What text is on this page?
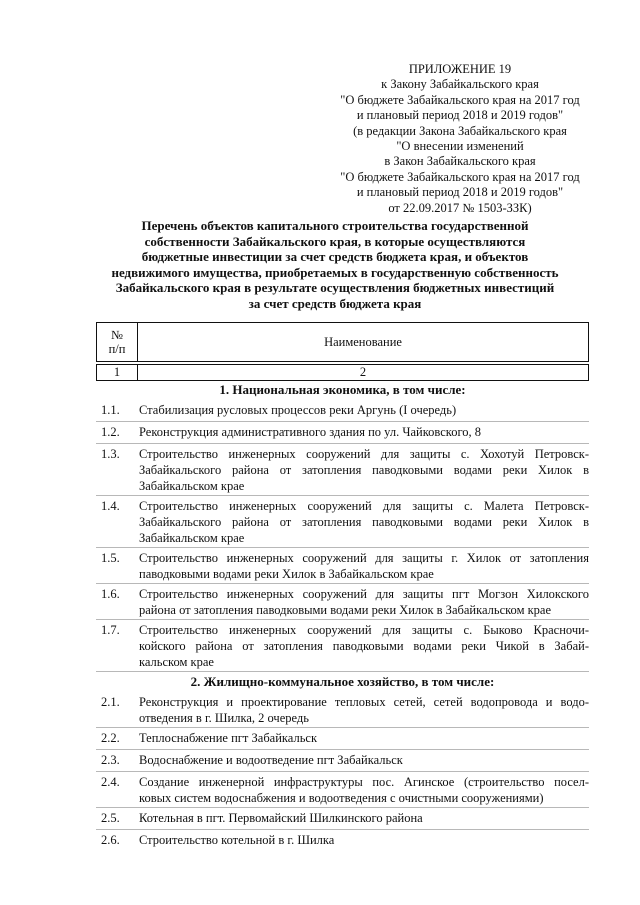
ПРИЛОЖЕНИЕ 19
к Закону Забайкальского края
"О бюджете Забайкальского края на 2017 год
и плановый период 2018 и 2019 годов"
(в редакции Закона Забайкальского края
"О внесении изменений
в Закон Забайкальского края
"О бюджете Забайкальского края на 2017 год
и плановый период 2018 и 2019 годов"
от 22.09.2017 № 1503-ЗЗК)
Перечень объектов капитального строительства государственной
собственности Забайкальского края, в которые осуществляются
бюджетные инвестиции за счет средств бюджета края, и объектов
недвижимого имущества, приобретаемых в государственную собственность
Забайкальского края в результате осуществления бюджетных инвестиций
за счет средств бюджета края
№
п/п	Наименование

1	2
1. Национальная экономика, в том числе:
1.1. Стабилизация русловых процессов реки Аргунь (I очередь)
1.2. Реконструкция административного здания по ул. Чайковского, 8
1.3. Строительство инженерных сооружений для защиты с. Хохотуй Петровск-
Забайкальского района от затопления паводковыми водами реки Хилок в
Забайкальском крае
1.4. Строительство инженерных сооружений для защиты с. Малета Петровск-
Забайкальского района от затопления паводковыми водами реки Хилок в
Забайкальском крае
1.5. Строительство инженерных сооружений для защиты г. Хилок от затопления
паводковыми водами реки Хилок в Забайкальском крае
1.6. Строительство инженерных сооружений для защиты пгт Могзон Хилокского
района от затопления паводковыми водами реки Хилок в Забайкальском крае
1.7. Строительство инженерных сооружений для защиты с. Быково Красночи-
койского района от затопления паводковыми водами реки Чикой в Забай-
кальском крае
2. Жилищно-коммунальное хозяйство, в том числе:
2.1. Реконструкция и проектирование тепловых сетей, сетей водопровода и водо-
отведения в г. Шилка, 2 очередь
2.2. Теплоснабжение пгт Забайкальск
2.3. Водоснабжение и водоотведение пгт Забайкальск
2.4. Создание инженерной инфраструктуры пос. Агинское (строительство посел-
ковых систем водоснабжения и водоотведения с очистными сооружениями)
2.5. Котельная в пгт. Первомайский Шилкинского района
2.6. Строительство котельной в г. Шилка
